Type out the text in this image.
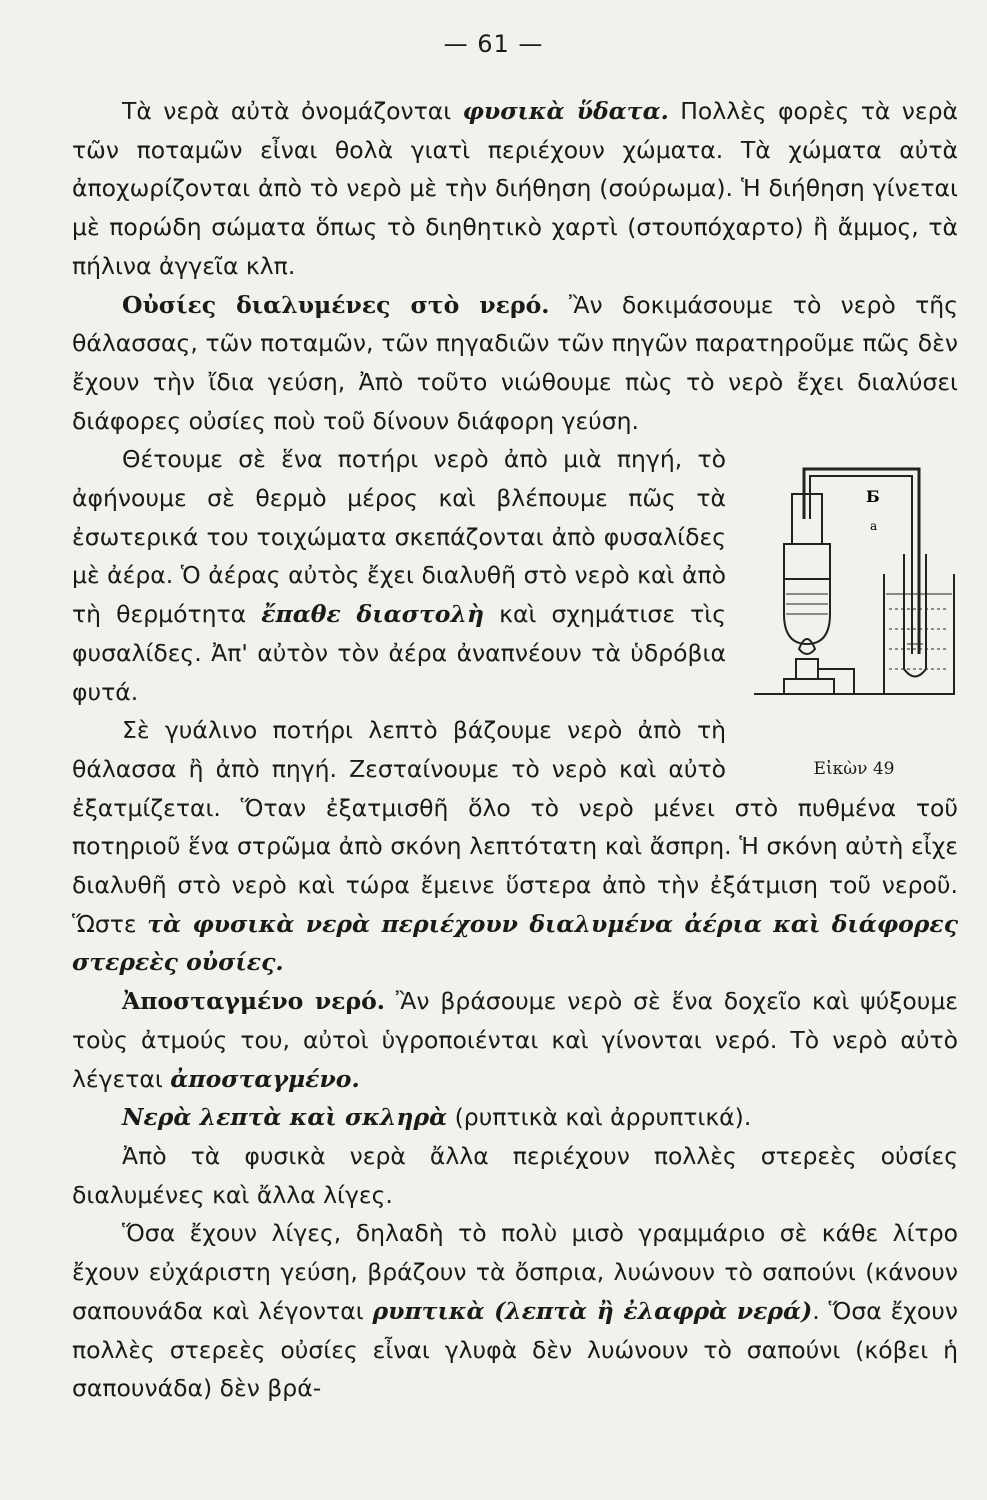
— 61 —

Τὰ νερὰ αὐτὰ ὀνομάζονται φυσικὰ ὕδατα. Πολλὲς φορὲς τὰ νερὰ τῶν ποταμῶν εἶναι θολὰ γιατὶ περιέχουν χώματα. Τὰ χώματα αὐτὰ ἀποχωρίζονται ἀπὸ τὸ νερὸ μὲ τὴν διήθηση (σούρωμα). Ἡ διήθηση γίνεται μὲ πορώδη σώματα ὅπως τὸ διηθητικὸ χαρτὶ (στουπόχαρτο) ἢ ἄμμος, τὰ πήλινα ἀγγεῖα κλπ.

Οὐσίες διαλυμένες στὸ νερό. Ἂν δοκιμάσουμε τὸ νερὸ τῆς θάλασσας, τῶν ποταμῶν, τῶν πηγαδιῶν τῶν πηγῶν παρατηροῦμε πῶς δὲν ἔχουν τὴν ἴδια γεύση, Ἀπὸ τοῦτο νιώθουμε πὼς τὸ νερὸ ἔχει διαλύσει διάφορες οὐσίες ποὺ τοῦ δίνουν διάφορη γεύση.

Б
a
Εἰκὼν 49

Θέτουμε σὲ ἕνα ποτήρι νερὸ ἀπὸ μιὰ πηγή, τὸ ἀφήνουμε σὲ θερμὸ μέρος καὶ βλέπουμε πῶς τὰ ἐσωτερικά του τοιχώματα σκεπάζονται ἀπὸ φυσαλίδες μὲ ἀέρα. Ὁ ἀέρας αὐτὸς ἔχει διαλυθῆ στὸ νερὸ καὶ ἀπὸ τὴ θερμότητα ἔπαθε διαστολὴ καὶ σχημάτισε τὶς φυσαλίδες. Ἀπ' αὐτὸν τὸν ἀέρα ἀναπνέουν τὰ ὑδρόβια φυτά.

Σὲ γυάλινο ποτήρι λεπτὸ βάζουμε νερὸ ἀπὸ τὴ θάλασσα ἢ ἀπὸ πηγή. Ζεσταίνουμε τὸ νερὸ καὶ αὐτὸ ἐξατμίζεται. Ὅταν ἐξατμισθῆ ὅλο τὸ νερὸ μένει στὸ πυθμένα τοῦ ποτηριοῦ ἕνα στρῶμα ἀπὸ σκόνη λεπτότατη καὶ ἄσπρη. Ἡ σκόνη αὐτὴ εἶχε διαλυθῆ στὸ νερὸ καὶ τώρα ἔμεινε ὕστερα ἀπὸ τὴν ἐξάτμιση τοῦ νεροῦ. Ὥστε τὰ φυσικὰ νερὰ περιέχουν διαλυμένα ἀέρια καὶ διάφορες στερεὲς οὐσίες.

Ἀποσταγμένο νερό. Ἂν βράσουμε νερὸ σὲ ἕνα δοχεῖο καὶ ψύξουμε τοὺς ἀτμούς του, αὐτοὶ ὑγροποιένται καὶ γίνονται νερό. Τὸ νερὸ αὐτὸ λέγεται ἀποσταγμένο.

Νερὰ λεπτὰ καὶ σκληρὰ (ρυπτικὰ καὶ ἀρρυπτικά).

Ἀπὸ τὰ φυσικὰ νερὰ ἄλλα περιέχουν πολλὲς στερεὲς οὐσίες διαλυμένες καὶ ἄλλα λίγες.

Ὅσα ἔχουν λίγες, δηλαδὴ τὸ πολὺ μισὸ γραμμάριο σὲ κάθε λίτρο ἔχουν εὐχάριστη γεύση, βράζουν τὰ ὄσπρια, λυώνουν τὸ σαπούνι (κάνουν σαπουνάδα καὶ λέγονται ρυπτικὰ (λεπτὰ ἢ ἐλαφρὰ νερά). Ὅσα ἔχουν πολλὲς στερεὲς οὐσίες εἶναι γλυφὰ δὲν λυώνουν τὸ σαπούνι (κόβει ἡ σαπουνάδα) δὲν βρά-
